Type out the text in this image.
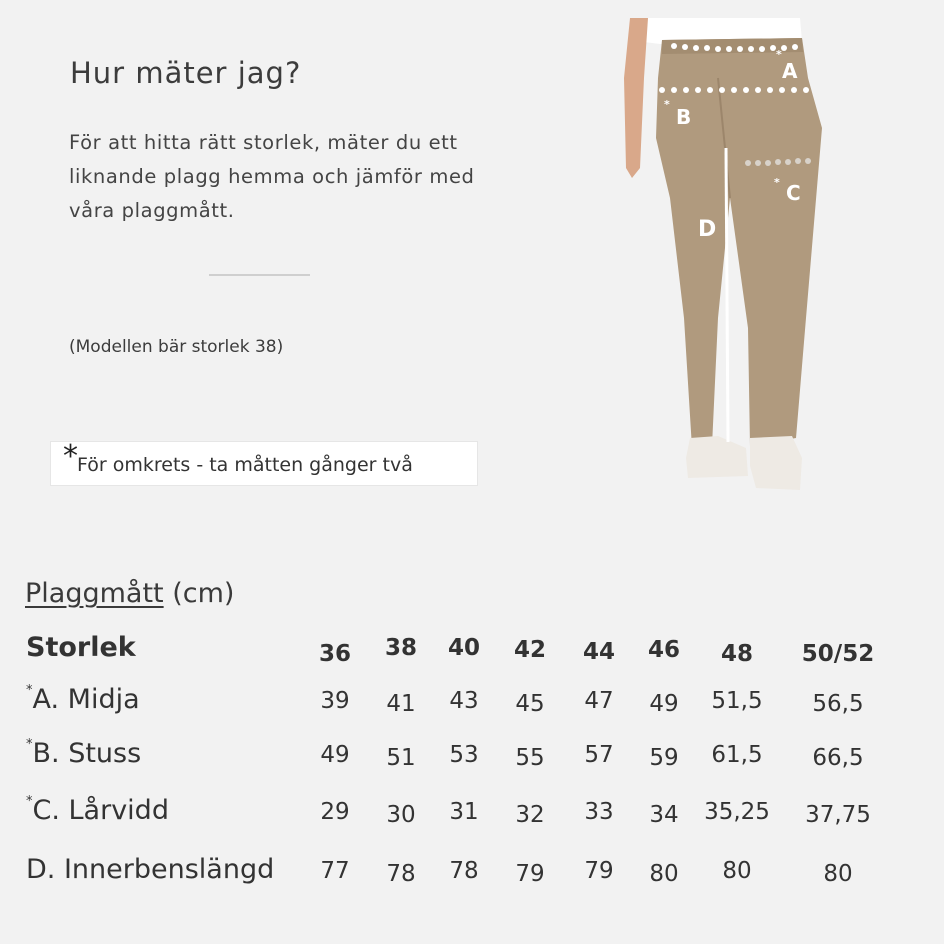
Hur mäter jag?

För att hitta rätt storlek, mäter du ett liknande plagg hemma och jämför med våra plaggmått.

(Modellen bär storlek 38)
* För omkrets - ta måtten gånger två
*
A
*
B
* C
D
Plaggmått (cm)
Storlek	36 38 40 42 44 46 48 50/52
*A. Midja	39 41 43 45 47 49 51,5 56,5
*B. Stuss	49 51 53 55 57 59 61,5 66,5
*C. Lårvidd	29 30 31 32 33 34 35,25 37,75
D. Innerbenslängd 77 78 78 79 79 80 80	80
